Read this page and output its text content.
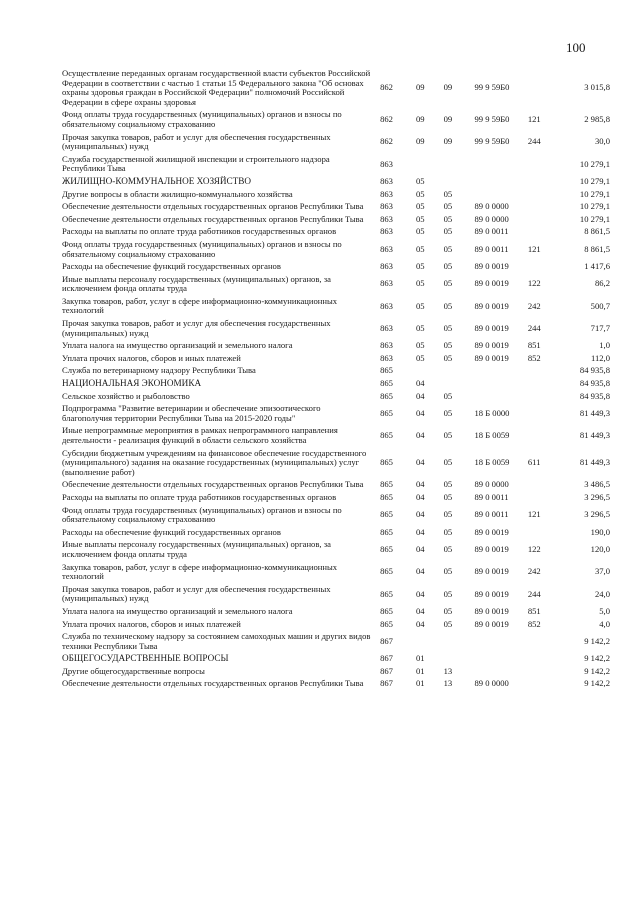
100
Осуществление переданных органам государственной власти субъектов Российской Федерации в соответствии с частью 1 статьи 15 Федерального закона "Об основах охраны здоровья граждан в Российской Федерации" полномочий Российской Федерации в сфере охраны здоровья	862	09	09	99 9 59Б0		3 015,8
Фонд оплаты труда государственных (муниципальных) органов и взносы по обязательному социальному страхованию	862	09	09	99 9 59Б0	121	2 985,8
Прочая закупка товаров, работ и услуг для обеспечения государственных (муниципальных) нужд	862	09	09	99 9 59Б0	244	30,0
Служба государственной жилищной инспекции и строительного надзора Республики Тыва	863					10 279,1
ЖИЛИЩНО-КОММУНАЛЬНОЕ ХОЗЯЙСТВО	863	05				10 279,1
Другие вопросы в области жилищно-коммунального хозяйства	863	05	05			10 279,1
Обеспечение деятельности отдельных государственных органов Республики Тыва	863	05	05	89 0 0000		10 279,1
Обеспечение деятельности отдельных государственных органов Республики Тыва	863	05	05	89 0 0000		10 279,1
Расходы на выплаты по оплате труда работников государственных органов	863	05	05	89 0 0011		8 861,5
Фонд оплаты труда государственных (муниципальных) органов и взносы по обязательному социальному страхованию	863	05	05	89 0 0011	121	8 861,5
Расходы на обеспечение функций государственных органов	863	05	05	89 0 0019		1 417,6
Иные выплаты персоналу государственных (муниципальных) органов, за исключением фонда оплаты труда	863	05	05	89 0 0019	122	86,2
Закупка товаров, работ, услуг в сфере информационно-коммуникационных технологий	863	05	05	89 0 0019	242	500,7
Прочая закупка товаров, работ и услуг для обеспечения государственных (муниципальных) нужд	863	05	05	89 0 0019	244	717,7
Уплата налога на имущество организаций и земельного налога	863	05	05	89 0 0019	851	1,0
Уплата прочих налогов, сборов и иных платежей	863	05	05	89 0 0019	852	112,0
Служба по ветеринарному надзору Республики Тыва	865					84 935,8
НАЦИОНАЛЬНАЯ ЭКОНОМИКА	865	04				84 935,8
Сельское хозяйство и рыболовство	865	04	05			84 935,8
Подпрограмма "Развитие ветеринарии и обеспечение эпизоотического благополучия территории Республики Тыва на 2015-2020 годы"	865	04	05	18 Б 0000		81 449,3
Иные непрограммные мероприятия в рамках непрограммного направления деятельности - реализация функций в области сельского хозяйства	865	04	05	18 Б 0059		81 449,3
Субсидии бюджетным учреждениям на финансовое обеспечение государственного (муниципального) задания на оказание государственных (муниципальных) услуг (выполнение работ)	865	04	05	18 Б 0059	611	81 449,3
Обеспечение деятельности отдельных государственных органов Республики Тыва	865	04	05	89 0 0000		3 486,5
Расходы на выплаты по оплате труда работников государственных органов	865	04	05	89 0 0011		3 296,5
Фонд оплаты труда государственных (муниципальных) органов и взносы по обязательному социальному страхованию	865	04	05	89 0 0011	121	3 296,5
Расходы на обеспечение функций государственных органов	865	04	05	89 0 0019		190,0
Иные выплаты персоналу государственных (муниципальных) органов, за исключением фонда оплаты труда	865	04	05	89 0 0019	122	120,0
Закупка товаров, работ, услуг в сфере информационно-коммуникационных технологий	865	04	05	89 0 0019	242	37,0
Прочая закупка товаров, работ и услуг для обеспечения государственных (муниципальных) нужд	865	04	05	89 0 0019	244	24,0
Уплата налога на имущество организаций и земельного налога	865	04	05	89 0 0019	851	5,0
Уплата прочих налогов, сборов и иных платежей	865	04	05	89 0 0019	852	4,0
Служба по техническому надзору за состоянием самоходных машин и других видов техники Республики Тыва	867					9 142,2
ОБЩЕГОСУДАРСТВЕННЫЕ ВОПРОСЫ	867	01				9 142,2
Другие общегосударственные вопросы	867	01	13			9 142,2
Обеспечение деятельности отдельных государственных органов Республики Тыва	867	01	13	89 0 0000		9 142,2
